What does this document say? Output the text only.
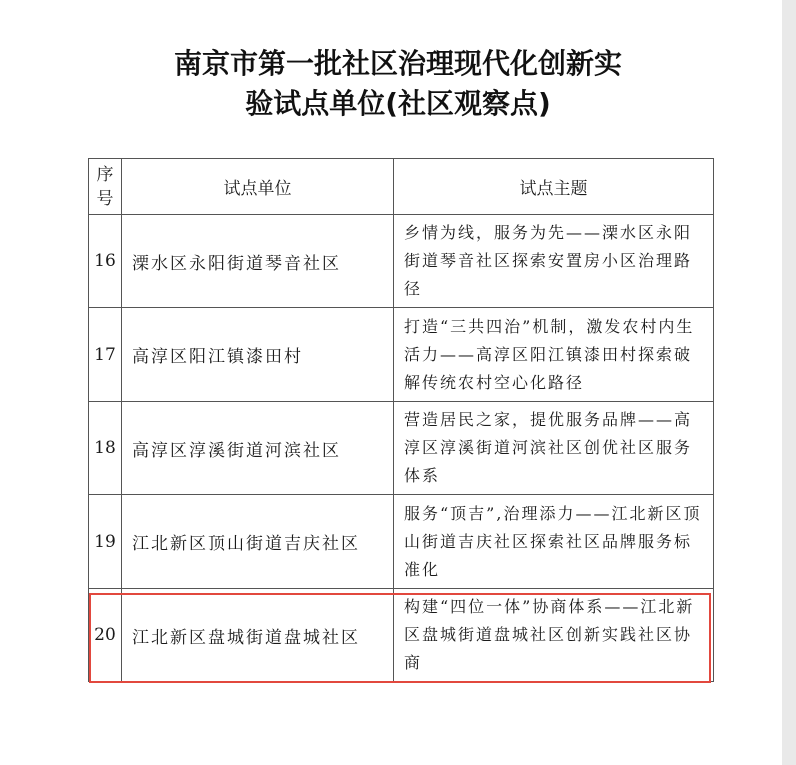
南京市第一批社区治理现代化创新实
验试点单位(社区观察点)
序号	试点单位	试点主题
16	溧水区永阳街道琴音社区	乡情为线，服务为先——溧水区永阳街道琴音社区探索安置房小区治理路径
17	高淳区阳江镇漆田村	打造“三共四治”机制，激发农村内生活力——高淳区阳江镇漆田村探索破解传统农村空心化路径
18	高淳区淳溪街道河滨社区	营造居民之家，提优服务品牌——高淳区淳溪街道河滨社区创优社区服务体系
19	江北新区顶山街道吉庆社区	服务“顶吉”,治理添力——江北新区顶山街道吉庆社区探索社区品牌服务标准化
20	江北新区盘城街道盘城社区	构建“四位一体”协商体系——江北新区盘城街道盘城社区创新实践社区协商
